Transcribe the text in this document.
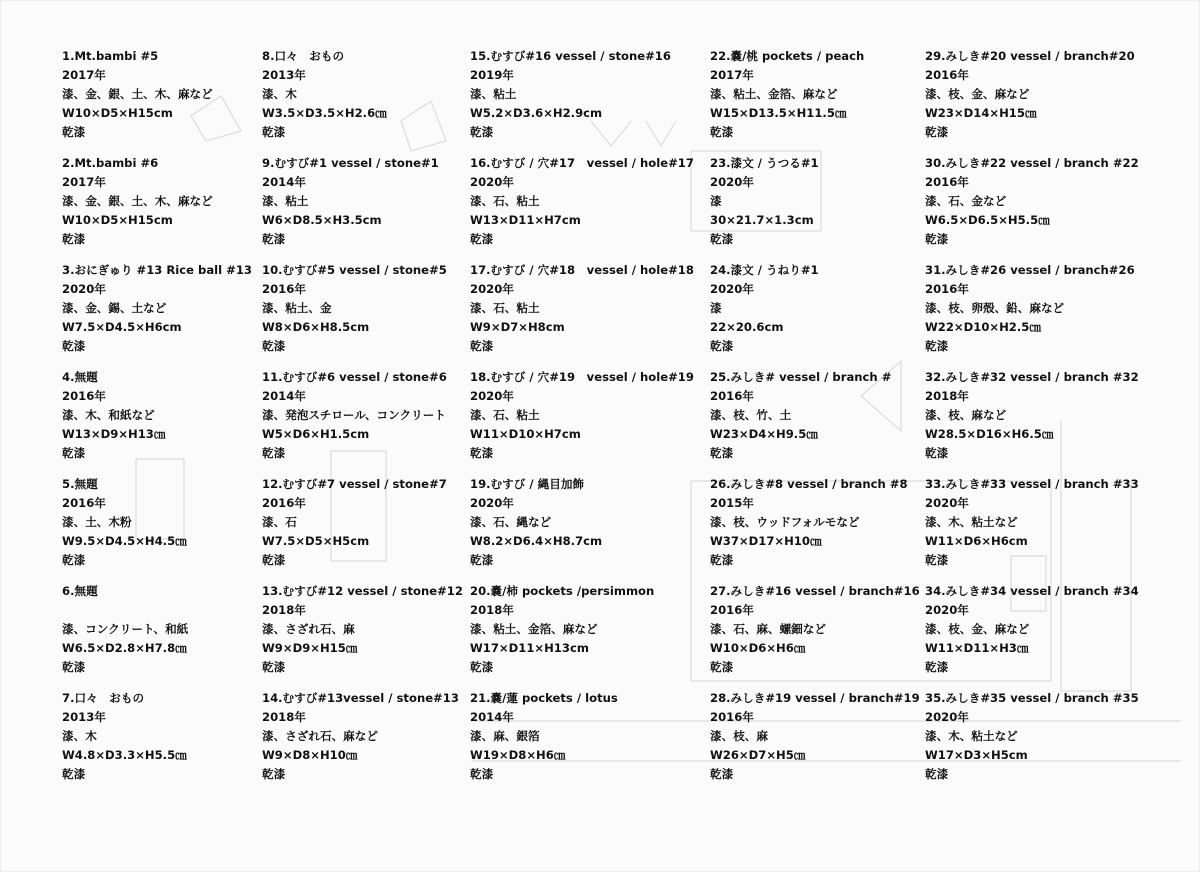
1.Mt.bambi #5
2017年
漆、金、銀、土、木、麻など
W10×D5×H15cm
乾漆
2.Mt.bambi #6
2017年
漆、金、銀、土、木、麻など
W10×D5×H15cm
乾漆
3.おにぎゅり #13 Rice ball #13
2020年
漆、金、錫、土など
W7.5×D4.5×H6cm
乾漆
4.無題
2016年
漆、木、和紙など
W13×D9×H13㎝
乾漆
5.無題
2016年
漆、土、木粉
W9.5×D4.5×H4.5㎝
乾漆
6.無題
漆、コンクリート、和紙
W6.5×D2.8×H7.8㎝
乾漆
7.口々　おもの
2013年
漆、木
W4.8×D3.3×H5.5㎝
乾漆
8.口々　おもの
2013年
漆、木
W3.5×D3.5×H2.6㎝
乾漆
9.むすび#1 vessel / stone#1
2014年
漆、粘土
W6×D8.5×H3.5cm
乾漆
10.むすび#5 vessel / stone#5
2016年
漆、粘土、金
W8×D6×H8.5cm
乾漆
11.むすび#6 vessel / stone#6
2014年
漆、発泡スチロール、コンクリート
W5×D6×H1.5cm
乾漆
12.むすび#7 vessel / stone#7
2016年
漆、石
W7.5×D5×H5cm
乾漆
13.むすび#12 vessel / stone#12
2018年
漆、さざれ石、麻
W9×D9×H15㎝
乾漆
14.むすび#13vessel / stone#13
2018年
漆、さざれ石、麻など
W9×D8×H10㎝
乾漆
15.むすび#16 vessel / stone#16
2019年
漆、粘土
W5.2×D3.6×H2.9cm
乾漆
16.むすび / 穴#17　vessel / hole#17
2020年
漆、石、粘土
W13×D11×H7cm
乾漆
17.むすび / 穴#18　vessel / hole#18
2020年
漆、石、粘土
W9×D7×H8cm
乾漆
18.むすび / 穴#19　vessel / hole#19
2020年
漆、石、粘土
W11×D10×H7cm
乾漆
19.むすび / 縄目加飾
2020年
漆、石、縄など
W8.2×D6.4×H8.7cm
乾漆
20.嚢/柿 pockets /persimmon
2018年
漆、粘土、金箔、麻など
W17×D11×H13cm
乾漆
21.嚢/蓮 pockets / lotus
2014年
漆、麻、銀箔
W19×D8×H6㎝
乾漆
22.嚢/桃 pockets / peach
2017年
漆、粘土、金箔、麻など
W15×D13.5×H11.5㎝
乾漆
23.漆文 / うつる#1
2020年
漆
30×21.7×1.3cm
乾漆
24.漆文 / うねり#1
2020年
漆
22×20.6cm
乾漆
25.みしき# vessel / branch #
2016年
漆、枝、竹、土
W23×D4×H9.5㎝
乾漆
26.みしき#8 vessel / branch #8
2015年
漆、枝、ウッドフォルモなど
W37×D17×H10㎝
乾漆
27.みしき#16 vessel / branch#16
2016年
漆、石、麻、螺鈿など
W10×D6×H6㎝
乾漆
28.みしき#19 vessel / branch#19
2016年
漆、枝、麻
W26×D7×H5㎝
乾漆
29.みしき#20 vessel / branch#20
2016年
漆、枝、金、麻など
W23×D14×H15㎝
乾漆
30.みしき#22 vessel / branch #22
2016年
漆、石、金など
W6.5×D6.5×H5.5㎝
乾漆
31.みしき#26 vessel / branch#26
2016年
漆、枝、卵殻、鉛、麻など
W22×D10×H2.5㎝
乾漆
32.みしき#32 vessel / branch #32
2018年
漆、枝、麻など
W28.5×D16×H6.5㎝
乾漆
33.みしき#33 vessel / branch #33
2020年
漆、木、粘土など
W11×D6×H6cm
乾漆
34.みしき#34 vessel / branch #34
2020年
漆、枝、金、麻など
W11×D11×H3㎝
乾漆
35.みしき#35 vessel / branch #35
2020年
漆、木、粘土など
W17×D3×H5cm
乾漆
